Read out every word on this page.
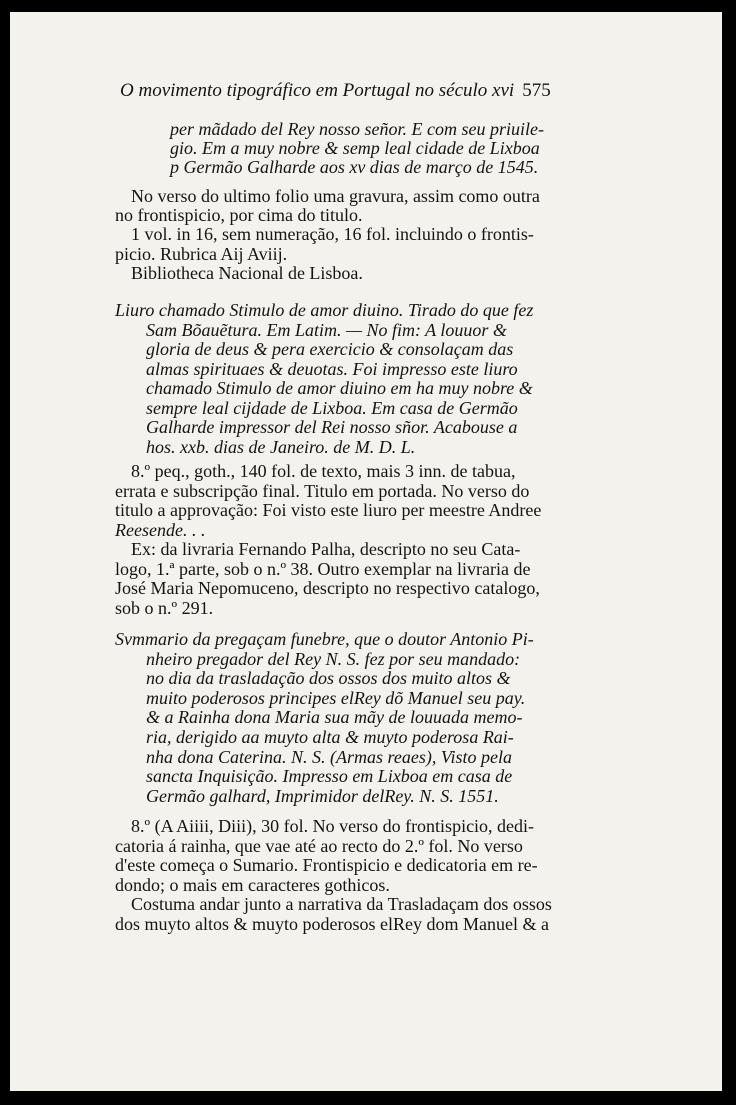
O movimento tipográfico em Portugal no século xvi 575

per mãdado del Rey nosso señor. E com seu priuile-

gio. Em a muy nobre & semp leal cidade de Lixboa

p Germão Galharde aos xv dias de março de 1545.

No verso do ultimo folio uma gravura, assim como outra

no frontispicio, por cima do titulo.

1 vol. in 16, sem numeração, 16 fol. incluindo o frontis-

picio. Rubrica Aij Aviij.

Bibliotheca Nacional de Lisboa.

Liuro chamado Stimulo de amor diuino. Tirado do que fez

Sam Bõauẽtura. Em Latim. — No fim: A louuor &

gloria de deus & pera exercicio & consolaçam das

almas spirituaes & deuotas. Foi impresso este liuro

chamado Stimulo de amor diuino em ha muy nobre &

sempre leal cijdade de Lixboa. Em casa de Germão

Galharde impressor del Rei nosso sñor. Acabouse a

hos. xxb. dias de Janeiro. de M. D. L.

8.º peq., goth., 140 fol. de texto, mais 3 inn. de tabua,

errata e subscripção final. Titulo em portada. No verso do

titulo a approvação: Foi visto este liuro per meestre Andree

Reesende. . .

Ex: da livraria Fernando Palha, descripto no seu Cata-

logo, 1.ª parte, sob o n.º 38. Outro exemplar na livraria de

José Maria Nepomuceno, descripto no respectivo catalogo,

sob o n.º 291.

Svmmario da pregaçam funebre, que o doutor Antonio Pi-

nheiro pregador del Rey N. S. fez por seu mandado:

no dia da trasladação dos ossos dos muito altos &

muito poderosos principes elRey dõ Manuel seu pay.

& a Rainha dona Maria sua mãy de louuada memo-

ria, derigido aa muyto alta & muyto poderosa Rai-

nha dona Caterina. N. S. (Armas reaes), Visto pela

sancta Inquisição. Impresso em Lixboa em casa de

Germão galhard, Imprimidor delRey. N. S. 1551.

8.º (A Aiiii, Diii), 30 fol. No verso do frontispicio, dedi-

catoria á rainha, que vae até ao recto do 2.º fol. No verso

d'este começa o Sumario. Frontispicio e dedicatoria em re-

dondo; o mais em caracteres gothicos.

Costuma andar junto a narrativa da Trasladaçam dos ossos

dos muyto altos & muyto poderosos elRey dom Manuel & a
